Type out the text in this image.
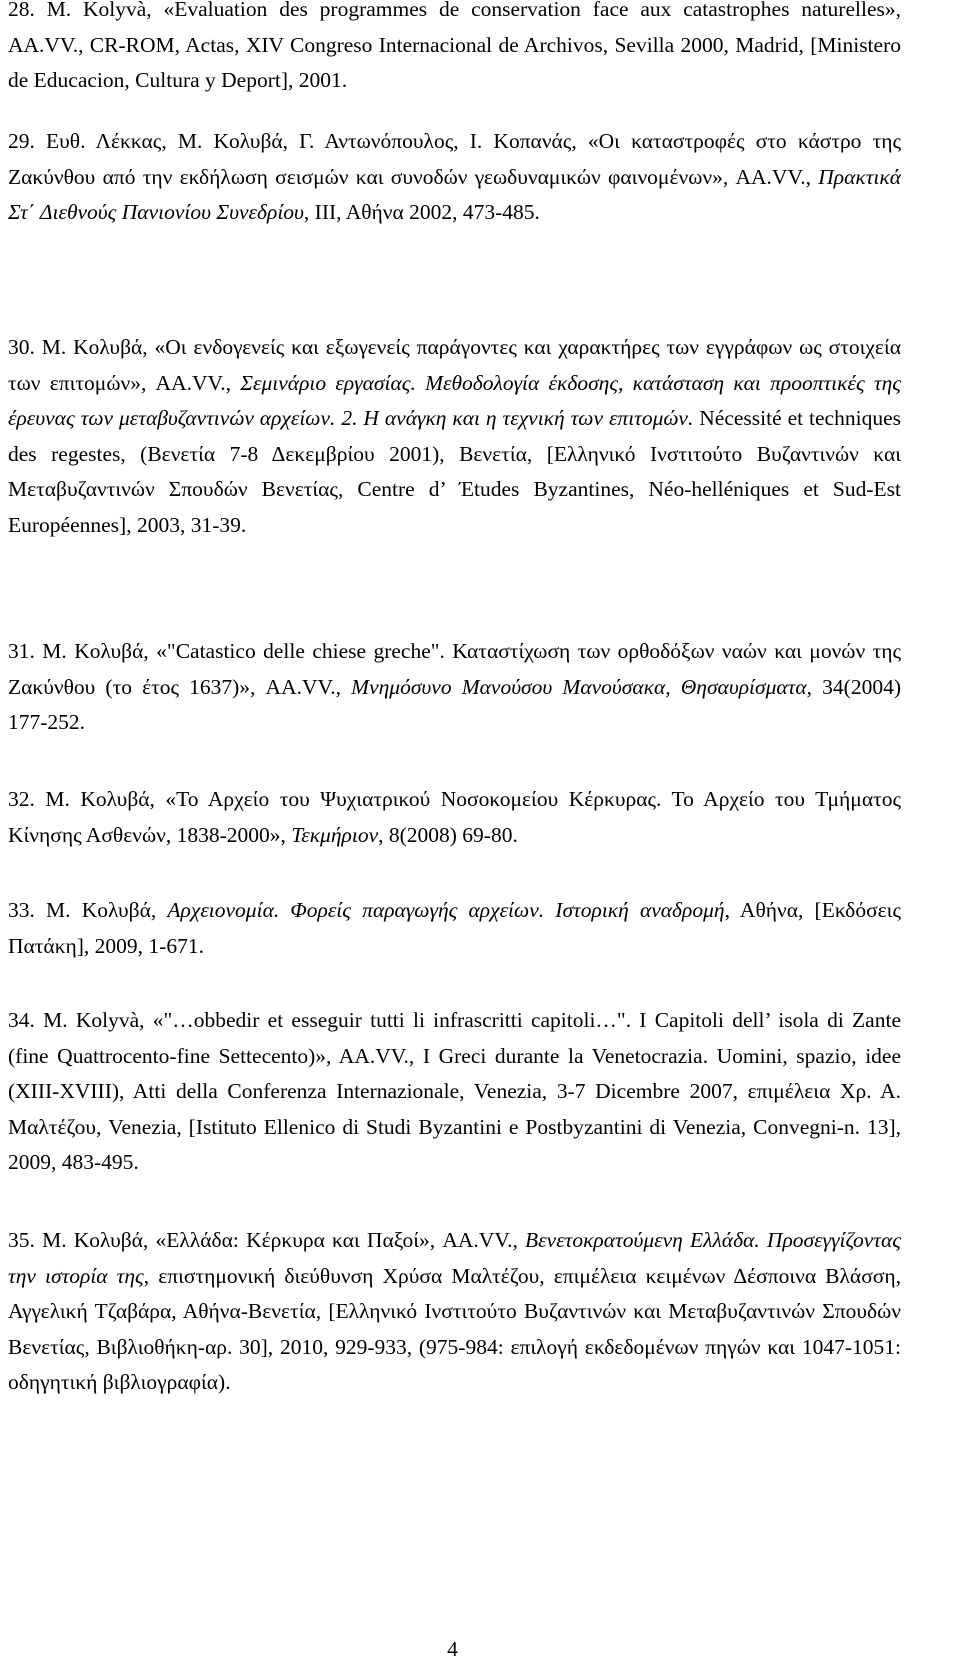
28. M. Kolyvà, «Evaluation des programmes de conservation face aux catastrophes naturelles», AA.VV., CR-ROM, Actas, XIV Congreso Internacional de Archivos, Sevilla 2000, Madrid, [Ministero de Educacion, Cultura y Deport], 2001.
29. Ευθ. Λέκκας, Μ. Κολυβά, Γ. Αντωνόπουλος, Ι. Κοπανάς, «Οι καταστροφές στο κάστρο της Ζακύνθου από την εκδήλωση σεισμών και συνοδών γεωδυναμικών φαινομένων», AA.VV., Πρακτικά Στ΄ Διεθνούς Πανιονίου Συνεδρίου, ΙΙΙ, Αθήνα 2002, 473-485.
30. Μ. Κολυβά, «Οι ενδογενείς και εξωγενείς παράγοντες και χαρακτήρες των εγγράφων ως στοιχεία των επιτομών», AA.VV., Σεμινάριο εργασίας. Μεθοδολογία έκδοσης, κατάσταση και προοπτικές της έρευνας των μεταβυζαντινών αρχείων. 2. Η ανάγκη και η τεχνική των επιτομών. Nécessité et techniques des regestes, (Βενετία 7-8 Δεκεμβρίου 2001), Βενετία, [Ελληνικό Ινστιτούτο Βυζαντινών και Μεταβυζαντινών Σπουδών Βενετίας, Centre d’ Έtudes Byzantines, Néo-helléniques et Sud-Est Européennes], 2003, 31-39.
31. Μ. Κολυβά, «"Catastico delle chiese greche". Καταστίχωση των ορθοδόξων ναών και μονών της Ζακύνθου (το έτος 1637)», AA.VV., Μνημόσυνο Μανούσου Μανούσακα, Θησαυρίσματα, 34(2004) 177-252.
32. Μ. Κολυβά, «Το Αρχείο του Ψυχιατρικού Νοσοκομείου Κέρκυρας. Το Αρχείο του Τμήματος Κίνησης Ασθενών, 1838-2000», Τεκμήριον, 8(2008) 69-80.
33. Μ. Κολυβά, Αρχειονομία. Φορείς παραγωγής αρχείων. Ιστορική αναδρομή, Αθήνα, [Εκδόσεις Πατάκη], 2009, 1-671.
34. M. Kolyvà, «"…obbedir et esseguir tutti li infrascritti capitoli…". I Capitoli dell’ isola di Zante (fine Quattrocento-fine Settecento)», AA.VV., I Greci durante la Venetocrazia. Uomini, spazio, idee (XIII-XVIII), Atti della Conferenza Internazionale, Venezia, 3-7 Dicembre 2007, επιμέλεια Χρ. Α. Μαλτέζου, Venezia, [Istituto Ellenico di Studi Byzantini e Postbyzantini di Venezia, Convegni-n. 13], 2009, 483-495.
35. Μ. Κολυβά, «Ελλάδα: Κέρκυρα και Παξοί», AA.VV., Βενετοκρατούμενη Ελλάδα. Προσεγγίζοντας την ιστορία της, επιστημονική διεύθυνση Χρύσα Μαλτέζου, επιμέλεια κειμένων Δέσποινα Βλάσση, Αγγελική Τζαβάρα, Αθήνα-Βενετία, [Ελληνικό Ινστιτούτο Βυζαντινών και Μεταβυζαντινών Σπουδών Βενετίας, Βιβλιοθήκη-αρ. 30], 2010, 929-933, (975-984: επιλογή εκδεδομένων πηγών και 1047-1051: οδηγητική βιβλιογραφία).
4
